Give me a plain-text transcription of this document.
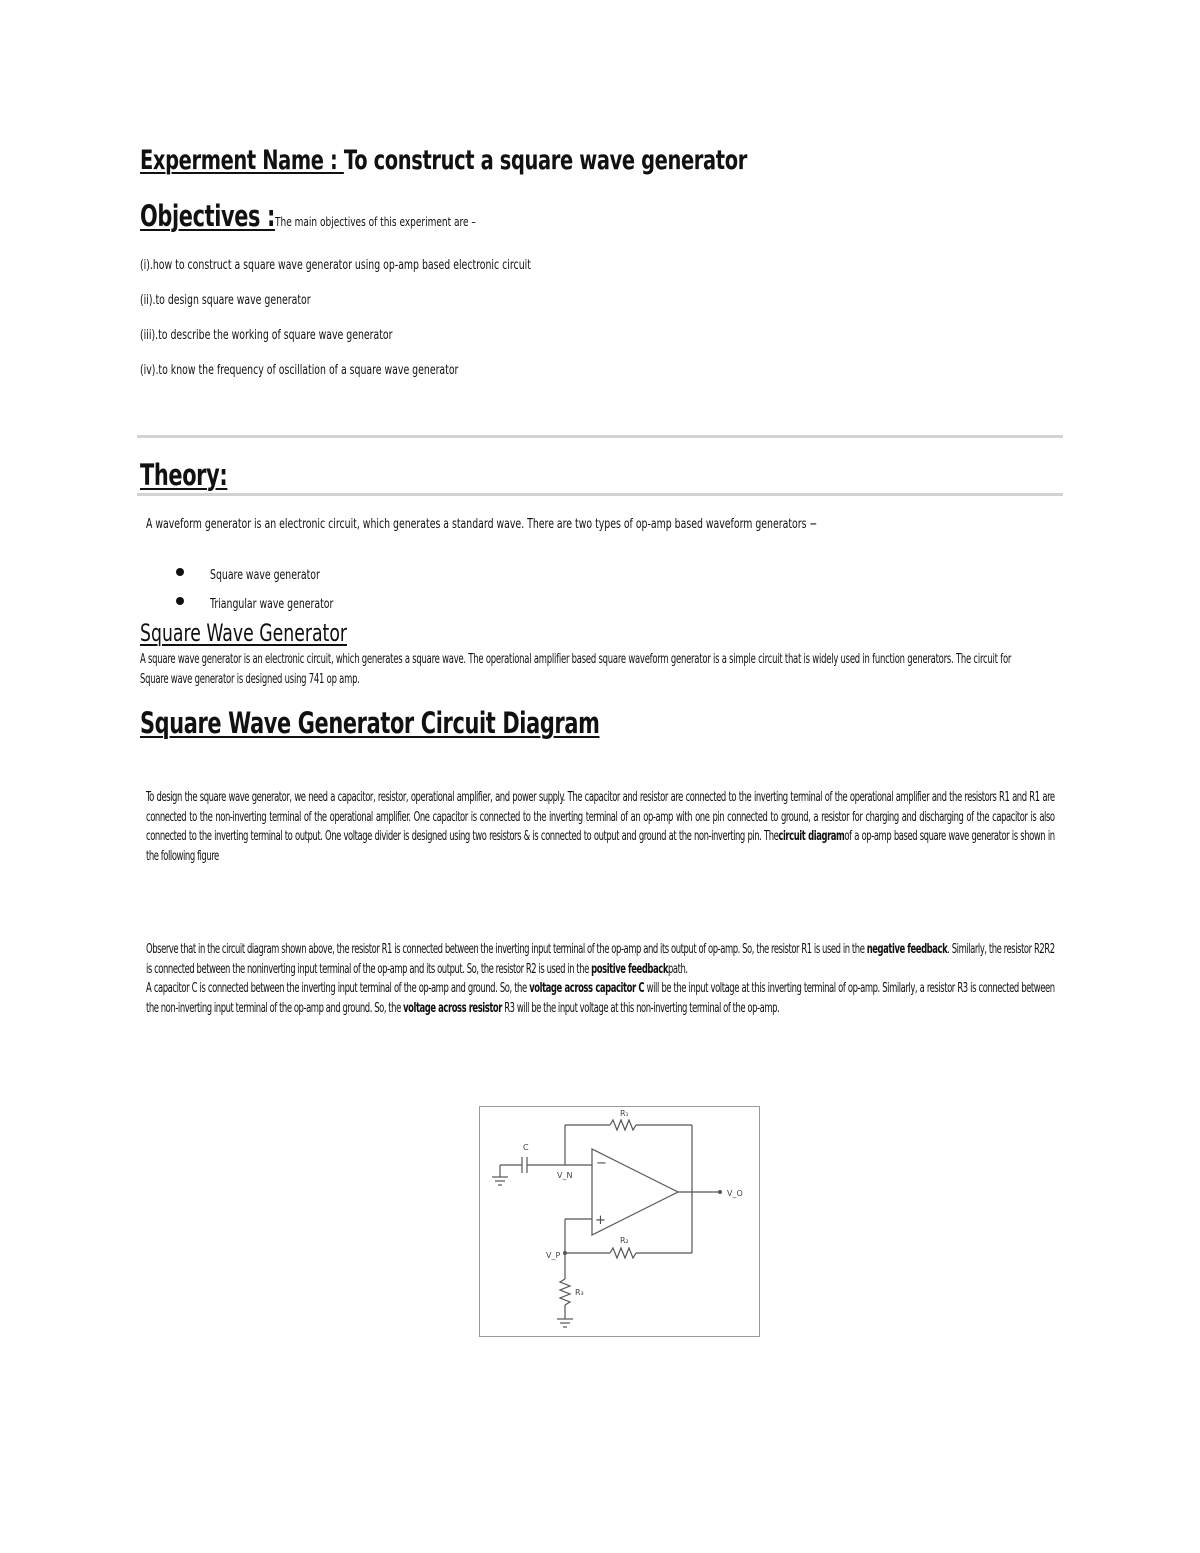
Experment Name : To construct a square wave generator
Objectives :The main objectives of this experiment are –
(i).how to construct a square wave generator using op-amp based electronic circuit
(ii).to design square wave generator
(iii).to describe the working of square wave generator
(iv).to know the frequency of oscillation of a square wave generator
Theory:
A waveform generator is an electronic circuit, which generates a standard wave. There are two types of op-amp based waveform generators −
Square wave generator
Triangular wave generator
Square Wave Generator
A square wave generator is an electronic circuit, which generates a square wave. The operational amplifier based square waveform generator is a simple circuit that is widely used in function generators. The circuit for Square wave generator is designed using 741 op amp.
Square Wave Generator Circuit Diagram
To design the square wave generator, we need a capacitor, resistor, operational amplifier, and power supply. The capacitor and resistor are connected to the inverting terminal of the operational amplifier and the resistors R1 and R1 are connected to the non-inverting terminal of the operational amplifier. One capacitor is connected to the inverting terminal of an op-amp with one pin connected to ground, a resistor for charging and discharging of the capacitor is also connected to the inverting terminal to output. One voltage divider is designed using two resistors & is connected to output and ground at the non-inverting pin. Thecircuit diagramof a op-amp based square wave generator is shown in the following figure
Observe that in the circuit diagram shown above, the resistor R1 is connected between the inverting input terminal of the op-amp and its output of op-amp. So, the resistor R1 is used in the negative feedback. Similarly, the resistor R2R2 is connected between the noninverting input terminal of the op-amp and its output. So, the resistor R2 is used in the positive feedbackpath.
A capacitor C is connected between the inverting input terminal of the op-amp and ground. So, the voltage across capacitor C will be the input voltage at this inverting terminal of op-amp. Similarly, a resistor R3 is connected between the non-inverting input terminal of the op-amp and ground. So, the voltage across resistor R3 will be the input voltage at this non-inverting terminal of the op-amp.
R₁
C
V_N
−
+
V_O
R₂
V_P
R₃
